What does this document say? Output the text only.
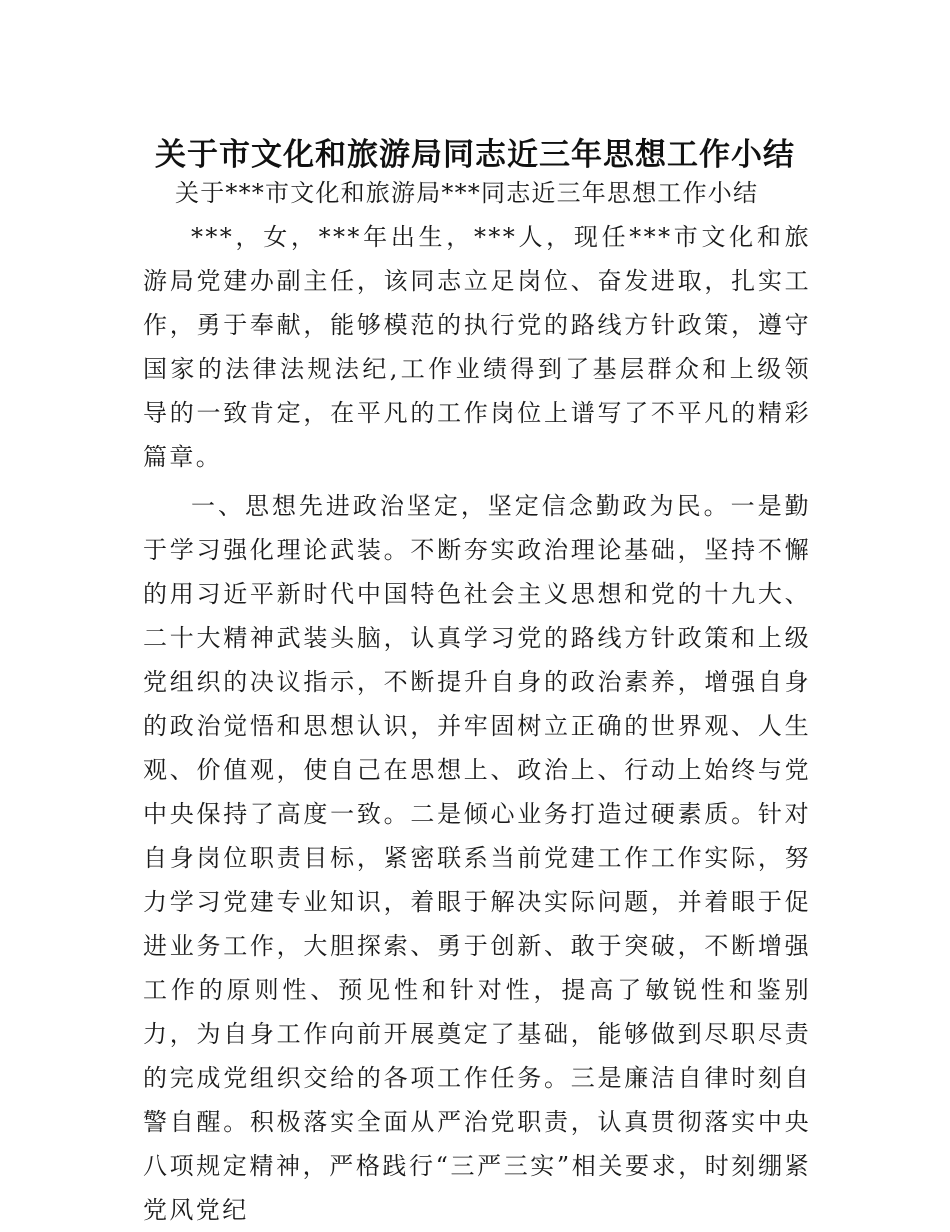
关于市文化和旅游局同志近三年思想工作小结

关于***市文化和旅游局***同志近三年思想工作小结

***，女，***年出生，***人，现任***市文化和旅游局党建办副主任，该同志立足岗位、奋发进取，扎实工作，勇于奉献，能够模范的执行党的路线方针政策，遵守国家的法律法规法纪,工作业绩得到了基层群众和上级领导的一致肯定，在平凡的工作岗位上谱写了不平凡的精彩篇章。

一、思想先进政治坚定，坚定信念勤政为民。一是勤于学习强化理论武装。不断夯实政治理论基础，坚持不懈的用习近平新时代中国特色社会主义思想和党的十九大、二十大精神武装头脑，认真学习党的路线方针政策和上级党组织的决议指示，不断提升自身的政治素养，增强自身的政治觉悟和思想认识，并牢固树立正确的世界观、人生观、价值观，使自己在思想上、政治上、行动上始终与党中央保持了高度一致。二是倾心业务打造过硬素质。针对自身岗位职责目标，紧密联系当前党建工作工作实际，努力学习党建专业知识，着眼于解决实际问题，并着眼于促进业务工作，大胆探索、勇于创新、敢于突破，不断增强工作的原则性、预见性和针对性，提高了敏锐性和鉴别力，为自身工作向前开展奠定了基础，能够做到尽职尽责的完成党组织交给的各项工作任务。三是廉洁自律时刻自警自醒。积极落实全面从严治党职责，认真贯彻落实中央八项规定精神，严格践行“三严三实”相关要求，时刻绷紧党风党纪
